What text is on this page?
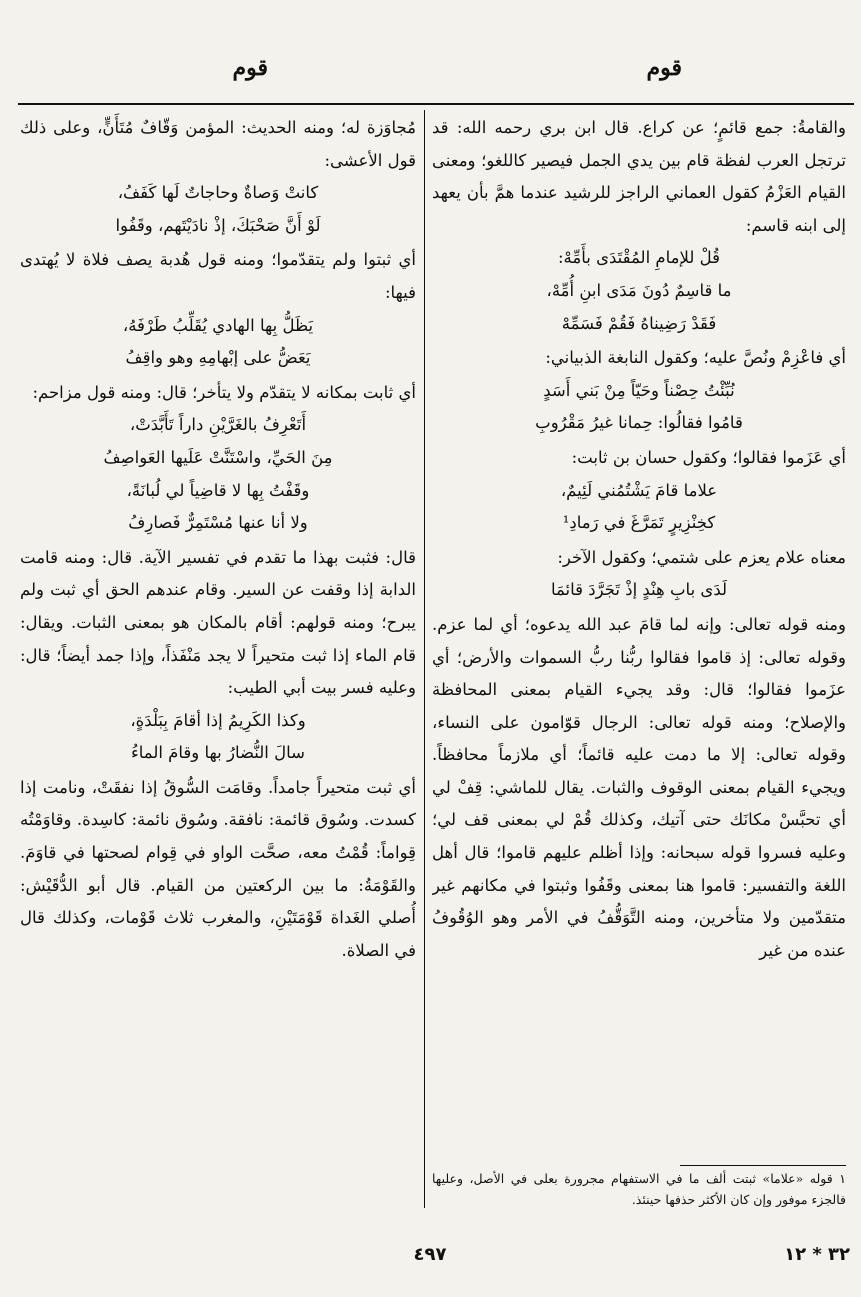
قوم
قوم

والقامةُ: جمع قائمٍ؛ عن كراع. قال ابن بري رحمه الله: قد ترتجل العرب لفظة قام بين يدي الجمل فيصير كاللغو؛ ومعنى القيام العَزْمُ كقول العماني الراجز للرشيد عندما همَّ بأن يعهد إلى ابنه قاسم:

قُلْ للإمامِ المُقْتَدَى بأَمِّهْ:

ما قاسِمٌ دُونَ مَدَى ابنِ أُمِّهْ،

فَقَدْ رَضِيناهُ فَقُمْ فَسَمِّهْ

أي فاعْزِمْ ونُصَّ عليه؛ وكقول النابغة الذبياني:

نُبِّئْتُ حِصْناً وحَيّاً مِنْ بَني أَسَدٍ

قامُوا فقالُوا: حِمانا غيرُ مَقْرُوبِ

أي عَزَموا فقالوا؛ وكقول حسان بن ثابت:

علاما قامَ يَشْتُمُني لَئِيمٌ،

كخِنْزِيرٍ تَمَرَّغَ في رَمادِ¹

معناه علام يعزم على شتمي؛ وكقول الآخر:

لَدَى بابِ هِنْدٍ إذْ تَجَرَّدَ قائمَا

ومنه قوله تعالى: وإنه لما قامَ عبد الله يدعوه؛ أي لما عزم. وقوله تعالى: إذ قاموا فقالوا ربُّنا ربُّ السموات والأرض؛ أي عزَموا فقالوا؛ قال: وقد يجيء القيام بمعنى المحافظة والإصلاح؛ ومنه قوله تعالى: الرجال قوّامون على النساء، وقوله تعالى: إلا ما دمت عليه قائماً؛ أي ملازماً محافظاً. ويجيء القيام بمعنى الوقوف والثبات. يقال للماشي: قِفْ لي أي تحبَّسْ مكانَك حتى آتيك، وكذلك قُمْ لي بمعنى قف لي؛ وعليه فسروا قوله سبحانه: وإذا أظلم عليهم قاموا؛ قال أهل اللغة والتفسير: قاموا هنا بمعنى وقَفُوا وثبتوا في مكانهم غير متقدّمين ولا متأخرين، ومنه التَّوَقُّفُ في الأمر وهو الوُقُوفُ عنده من غير

مُجاوَزة له؛ ومنه الحديث: المؤمن وَقّافٌ مُتَأَنٍّ، وعلى ذلك قول الأعشى:

كانتْ وَصاةٌ وحاجاتٌ لَها كَفَفُ،

لَوْ أَنَّ صَحْبَكَ، إذْ نادَيْتَهم، وقَفُوا

أي ثبتوا ولم يتقدّموا؛ ومنه قول هُدبة يصف فلاة لا يُهتدى فيها:

يَظَلُّ بِها الهادي يُقَلِّبُ طَرْفَهُ،

يَعَضُّ على إبْهامِهِ وهو واقِفُ

أي ثابت بمكانه لا يتقدّم ولا يتأخر؛ قال: ومنه قول مزاحم:

أَتَعْرِفُ بالغَرَّيْنِ داراً تَأَبَّدَتْ،

مِنَ الحَيِّ، واسْتَنَّتْ عَلَيها العَواصِفُ

وقَفْتُ بِها لا قاضِياً لي لُبانَةً،

ولا أنا عنها مُسْتَمِرٌّ فَصارِفُ

قال: فثبت بهذا ما تقدم في تفسير الآية. قال: ومنه قامت الدابة إذا وقفت عن السير. وقام عندهم الحق أي ثبت ولم يبرح؛ ومنه قولهم: أقام بالمكان هو بمعنى الثبات. ويقال: قام الماء إذا ثبت متحيراً لا يجد مَنْفَذاً، وإذا جمد أيضاً؛ قال: وعليه فسر بيت أبي الطيب:

وكذا الكَرِيمُ إذا أقامَ بِبَلْدَةٍ،

سالَ النُّضارُ بها وقامَ الماءُ

أي ثبت متحيراً جامداً. وقامَت السُّوقُ إذا نفقَتْ، ونامت إذا كسدت. وسُوق قائمة: نافقة. وسُوق نائمة: كاسِدة. وقاوَمْتُه قِواماً: قُمْتُ معه، صحَّت الواو في قِوام لصحتها في قاوَمَ. والقَوْمَةُ: ما بين الركعتين من القيام. قال أبو الدُّقَيْش: أُصلي الغَداة قَوْمَتَيْنِ، والمغرب ثلاث قَوْمات، وكذلك قال في الصلاة.

١ قوله «علاما» ثبتت ألف ما في الاستفهام مجرورة بعلى في الأصل، وعليها فالجزء موفور وإن كان الأكثر حذفها حينئذ.
٤٩٧	٣٢ * ١٢
